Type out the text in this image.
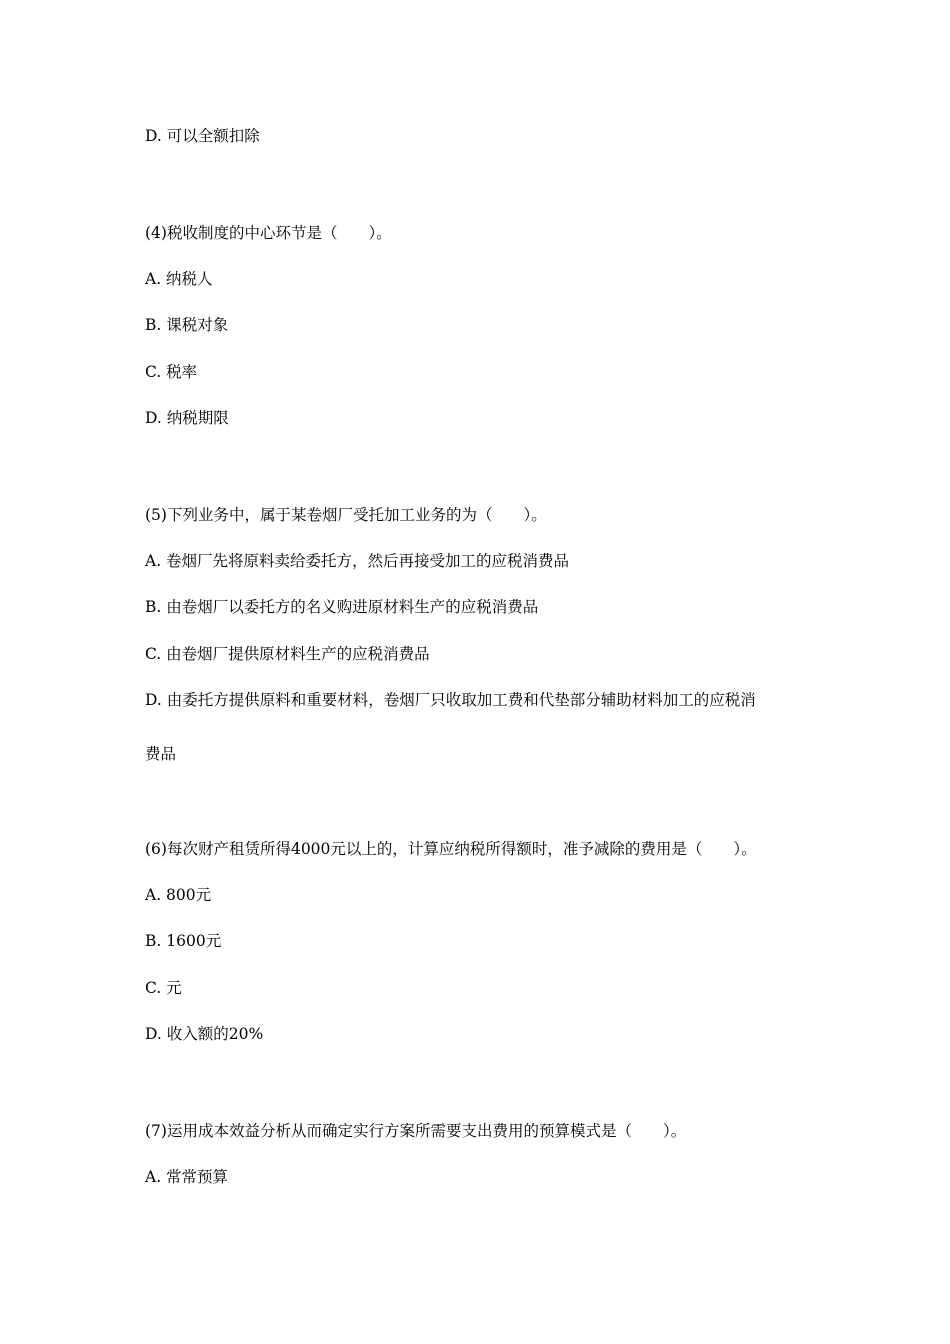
D. 可以全额扣除
(4)税收制度的中心环节是（　　）。
A. 纳税人
B. 课税对象
C. 税率
D. 纳税期限
(5)下列业务中，属于某卷烟厂受托加工业务的为（　　）。
A. 卷烟厂先将原料卖给委托方，然后再接受加工的应税消费品
B. 由卷烟厂以委托方的名义购进原材料生产的应税消费品
C. 由卷烟厂提供原材料生产的应税消费品
D. 由委托方提供原料和重要材料，卷烟厂只收取加工费和代垫部分辅助材料加工的应税消
费品
(6)每次财产租赁所得4000元以上的，计算应纳税所得额时，准予减除的费用是（　　）。
A. 800元
B. 1600元
C. 元
D. 收入额的20%
(7)运用成本效益分析从而确定实行方案所需要支出费用的预算模式是（　　）。
A. 常常预算
